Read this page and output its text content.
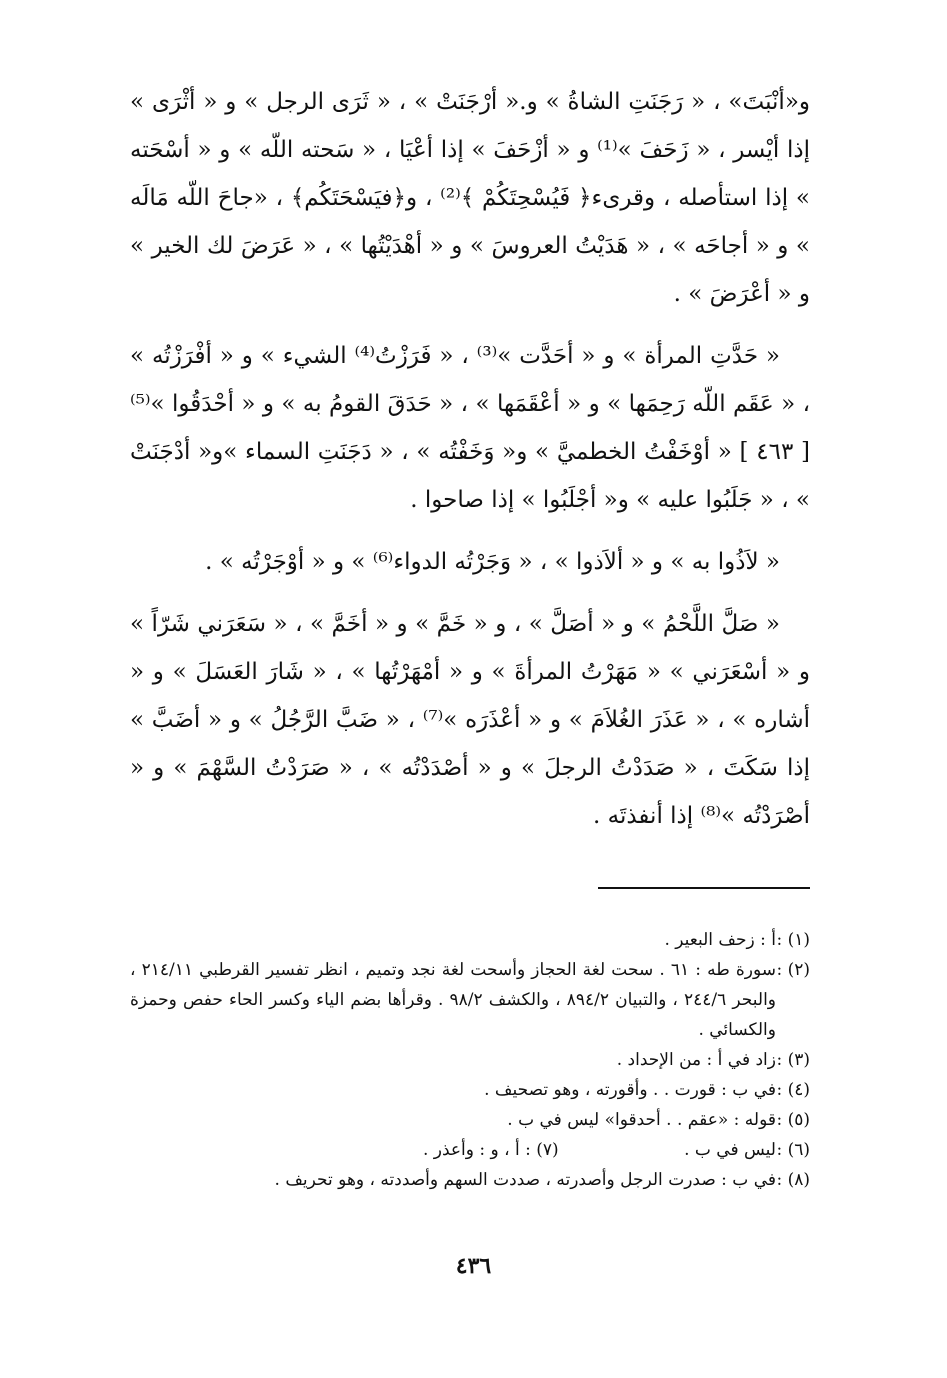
و«أنْبَتَ» ، « رَجَنَتِ الشاةُ » و.« أرْجَنَتْ » ، « ثَرَى الرجل » و « أثْرَى » إذا أيْسر ، « زَحَفَ »⁽¹⁾ و « أزْحَفَ » إذا أعْيَا ، « سَحته اللّه » و « أسْحَته » إذا استأصله ، وقرىء﴿ فَيُسْحِتَكُمْ ﴾⁽²⁾ ، و﴿فيَسْحَتَكُم﴾ ، «جاحَ اللّه مَالَه » و « أجاحَه » ، « هَدَيْتُ العروسَ » و « أهْدَيْتُها » ، « عَرَضَ لك الخير » و « أعْرَضَ » .

« حَدَّتِ المرأة » و « أحَدَّت »⁽³⁾ ، « فَرَزْتُ⁽⁴⁾ الشيء » و « أفْرَزْتُه » ، « عَقَم اللّه رَحِمَها » و « أعْقَمَها » ، « حَدَقَ القومُ به » و « أحْدَقُوا »⁽⁵⁾ [ ٤٦٣ ] « أوْخَفْتُ الخطميَّ » و« وَخَفْتُه » ، « دَجَنَتِ السماء »و« أدْجَنَتْ » ، « جَلَبُوا عليه » و« أجْلَبُوا » إذا صاحوا .

« لاَذُوا به » و « ألاَذوا » ، « وَجَرْتُه الدواء⁽⁶⁾ » و « أوْجَرْتُه » .

« صَلَّ اللَّحْمُ » و « أصَلَّ » ، و « خَمَّ » و « أخَمَّ » ، « سَعَرَني شَرّاً » و « أسْعَرَني » « مَهَرْتُ المرأةَ » و « أمْهَرْتُها » ، « شَارَ العَسَلَ » و « أشاره » ، « عَذَرَ الغُلاَمَ » و « أعْذَرَه »⁽⁷⁾ ، « ضَبَّ الرَّجُلُ » و « أضَبَّ » إذا سَكَتَ ، « صَدَدْتُ الرجلَ » و « أصْدَدْتُه » ، « صَرَدْتُ السَّهْمَ » و « أصْرَدْتُه »⁽⁸⁾ إذا أنفذتَه .

(١) :
أ : زحف البعير .
(٢) :
سورة طه : ٦١ . سحت لغة الحجاز وأسحت لغة نجد وتميم ، انظر تفسير القرطبي ٢١٤/١١ ، والبحر ٢٤٤/٦ ، والتبيان ٨٩٤/٢ ، والكشف ٩٨/٢ . وقرأها بضم الياء وكسر الحاء حفص وحمزة والكسائي .
(٣) :
زاد في أ : من الإحداد .
(٤) :
في ب : قورت . . وأقورته ، وهو تصحيف .
(٥) :
قوله : «عقم . . أحدقوا» ليس في ب .
(٦) :
ليس في ب . (٧) : أ ، و : وأعذر .
(٨) :
في ب : صدرت الرجل وأصدرته ، صددت السهم وأصددته ، وهو تحريف .
٤٣٦
